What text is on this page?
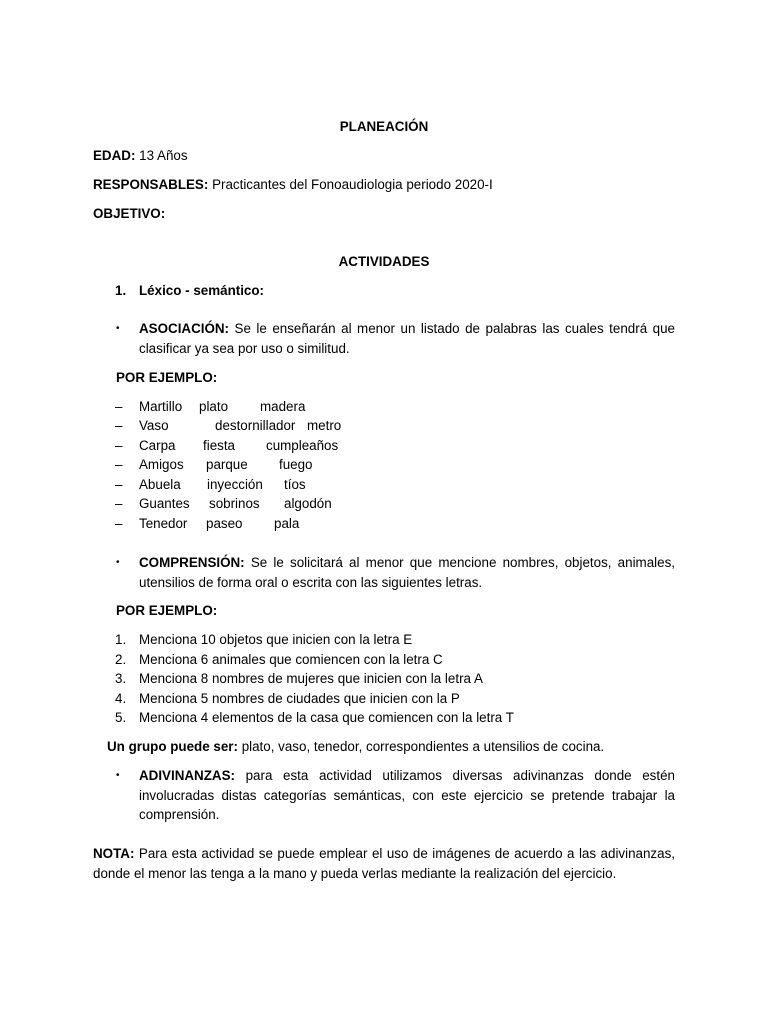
PLANEACIÓN
EDAD: 13 Años
RESPONSABLES: Practicantes del Fonoaudiologia periodo 2020-I
OBJETIVO:
ACTIVIDADES
1. Léxico - semántico:
• ASOCIACIÓN: Se le enseñarán al menor un listado de palabras las cuales tendrá que clasificar ya sea por uso o similitud.
POR EJEMPLO:
– Martillo plato madera
– Vaso	destornillador metro
– Carpa fiesta cumpleaños
– Amigos parque fuego
– Abuela inyección tíos
– Guantes sobrinos algodón
– Tenedor paseo pala
• COMPRENSIÓN: Se le solicitará al menor que mencione nombres, objetos, animales, utensilios de forma oral o escrita con las siguientes letras.
POR EJEMPLO:
1. Menciona 10 objetos que inicien con la letra E
2. Menciona 6 animales que comiencen con la letra C
3. Menciona 8 nombres de mujeres que inicien con la letra A
4. Menciona 5 nombres de ciudades que inicien con la P
5. Menciona 4 elementos de la casa que comiencen con la letra T
Un grupo puede ser: plato, vaso, tenedor, correspondientes a utensilios de cocina.
• ADIVINANZAS: para esta actividad utilizamos diversas adivinanzas donde estén involucradas distas categorías semánticas, con este ejercicio se pretende trabajar la comprensión.
NOTA: Para esta actividad se puede emplear el uso de imágenes de acuerdo a las adivinanzas, donde el menor las tenga a la mano y pueda verlas mediante la realización del ejercicio.
